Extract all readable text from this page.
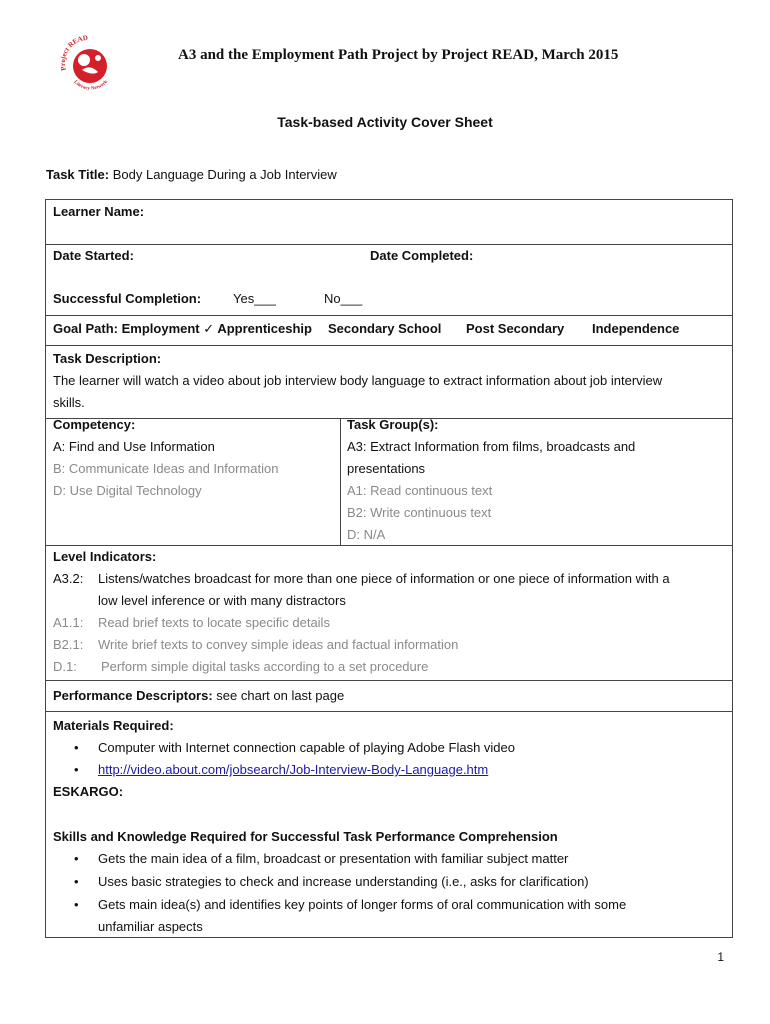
Project READ
Literacy Network
A3 and the Employment Path Project by Project READ, March 2015
Task-based Activity Cover Sheet
Task Title: Body Language During a Job Interview
Learner Name:
Date Started:	Date Completed:
Successful Completion: Yes___	No___
Goal Path: Employment ✓ Apprenticeship Secondary School Post Secondary Independence
Task Description:
The learner will watch a video about job interview body language to extract information about job interview
skills.
Competency:
A: Find and Use Information
B: Communicate Ideas and Information
D: Use Digital Technology
Task Group(s):
A3: Extract Information from films, broadcasts and
presentations
A1: Read continuous text
B2: Write continuous text
D: N/A
Level Indicators:
A3.2: Listens/watches broadcast for more than one piece of information or one piece of information with a
low level inference or with many distractors
A1.1: Read brief texts to locate specific details
B2.1: Write brief texts to convey simple ideas and factual information
D.1: Perform simple digital tasks according to a set procedure
Performance Descriptors: see chart on last page
Materials Required:
• Computer with Internet connection capable of playing Adobe Flash video
• http://video.about.com/jobsearch/Job-Interview-Body-Language.htm
ESKARGO:
Skills and Knowledge Required for Successful Task Performance Comprehension
• Gets the main idea of a film, broadcast or presentation with familiar subject matter
• Uses basic strategies to check and increase understanding (i.e., asks for clarification)
• Gets main idea(s) and identifies key points of longer forms of oral communication with some
unfamiliar aspects
1
